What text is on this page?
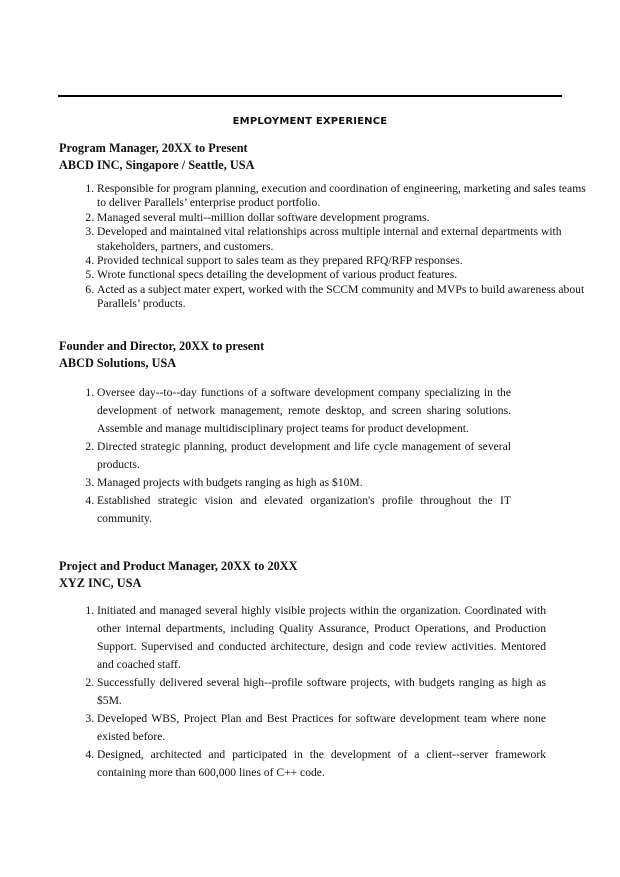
EMPLOYMENT EXPERIENCE
Program Manager, 20XX to Present
ABCD INC, Singapore / Seattle, USA
1. Responsible for program planning, execution and coordination of engineering, marketing and sales teams to deliver Parallels’ enterprise product portfolio.
2. Managed several multi--million dollar software development programs.
3. Developed and maintained vital relationships across multiple internal and external departments with stakeholders, partners, and customers.
4. Provided technical support to sales team as they prepared RFQ/RFP responses.
5. Wrote functional specs detailing the development of various product features.
6. Acted as a subject mater expert, worked with the SCCM community and MVPs to build awareness about Parallels’ products.
Founder and Director, 20XX to present
ABCD Solutions, USA
1. Oversee day--to--day functions of a software development company specializing in the development of network management, remote desktop, and screen sharing solutions. Assemble and manage multidisciplinary project teams for product development.
2. Directed strategic planning, product development and life cycle management of several products.
3. Managed projects with budgets ranging as high as $10M.
4. Established strategic vision and elevated organization's profile throughout the IT community.
Project and Product Manager, 20XX to 20XX
XYZ INC, USA
1. Initiated and managed several highly visible projects within the organization. Coordinated with other internal departments, including Quality Assurance, Product Operations, and Production Support. Supervised and conducted architecture, design and code review activities. Mentored and coached staff.
2. Successfully delivered several high--profile software projects, with budgets ranging as high as $5M.
3. Developed WBS, Project Plan and Best Practices for software development team where none existed before.
4. Designed, architected and participated in the development of a client--server framework containing more than 600,000 lines of C++ code.
